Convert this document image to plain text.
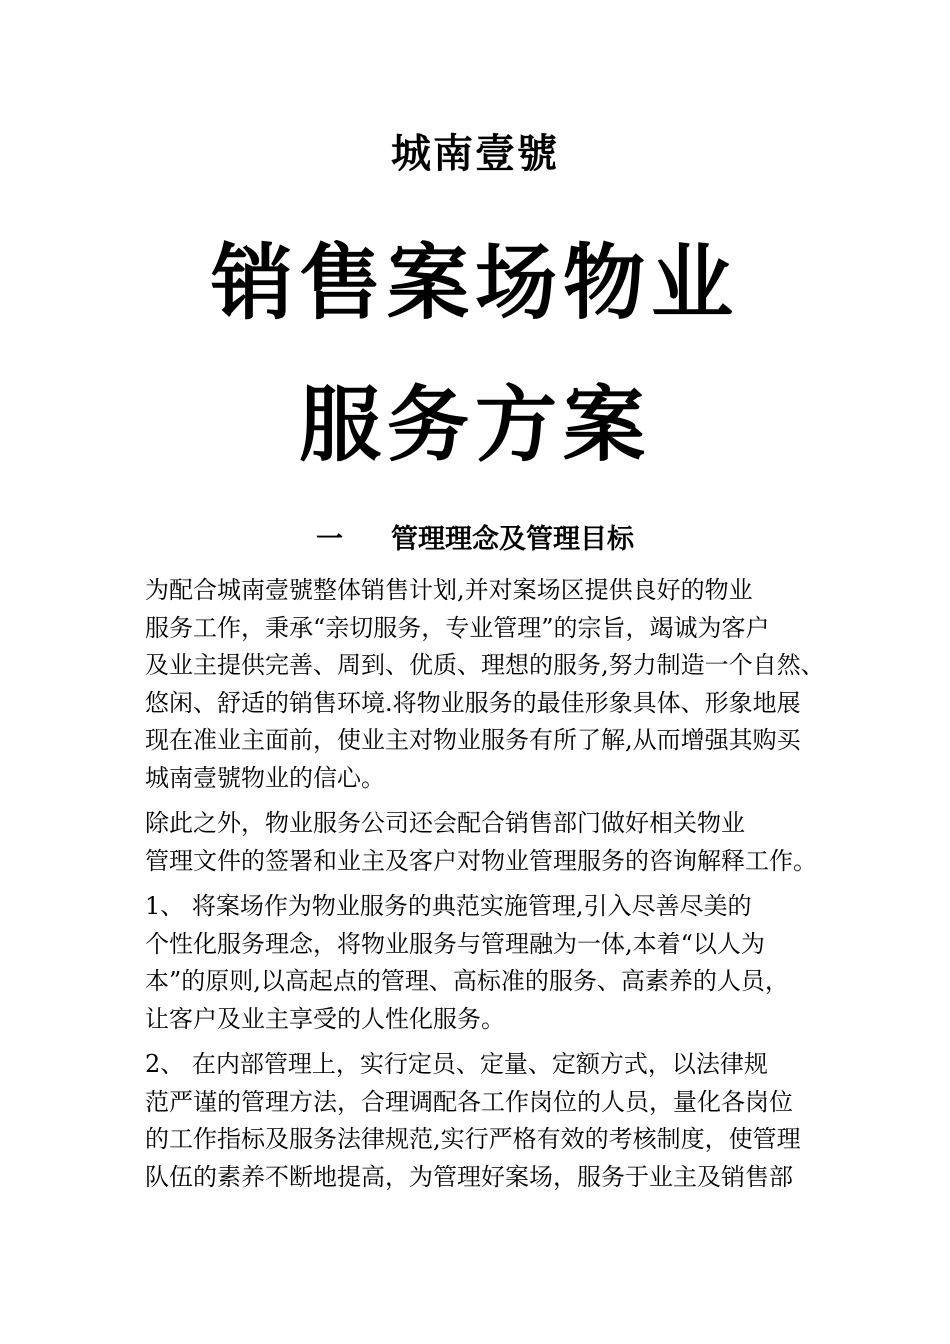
城南壹號
销售案场物业
服务方案
一 管理理念及管理目标
为配合城南壹號整体销售计划,并对案场区提供良好的物业
服务工作，秉承“亲切服务，专业管理”的宗旨，竭诚为客户
及业主提供完善、周到、优质、理想的服务,努力制造一个自然、
悠闲、舒适的销售环境.将物业服务的最佳形象具体、形象地展
现在准业主面前，使业主对物业服务有所了解,从而增强其购买
城南壹號物业的信心。
除此之外，物业服务公司还会配合销售部门做好相关物业
管理文件的签署和业主及客户对物业管理服务的咨询解释工作。
1、 将案场作为物业服务的典范实施管理,引入尽善尽美的
个性化服务理念，将物业服务与管理融为一体,本着“以人为
本”的原则,以高起点的管理、高标准的服务、高素养的人员，
让客户及业主享受的人性化服务。
2、 在内部管理上，实行定员、定量、定额方式，以法律规
范严谨的管理方法，合理调配各工作岗位的人员，量化各岗位
的工作指标及服务法律规范,实行严格有效的考核制度，使管理
队伍的素养不断地提高，为管理好案场，服务于业主及销售部
